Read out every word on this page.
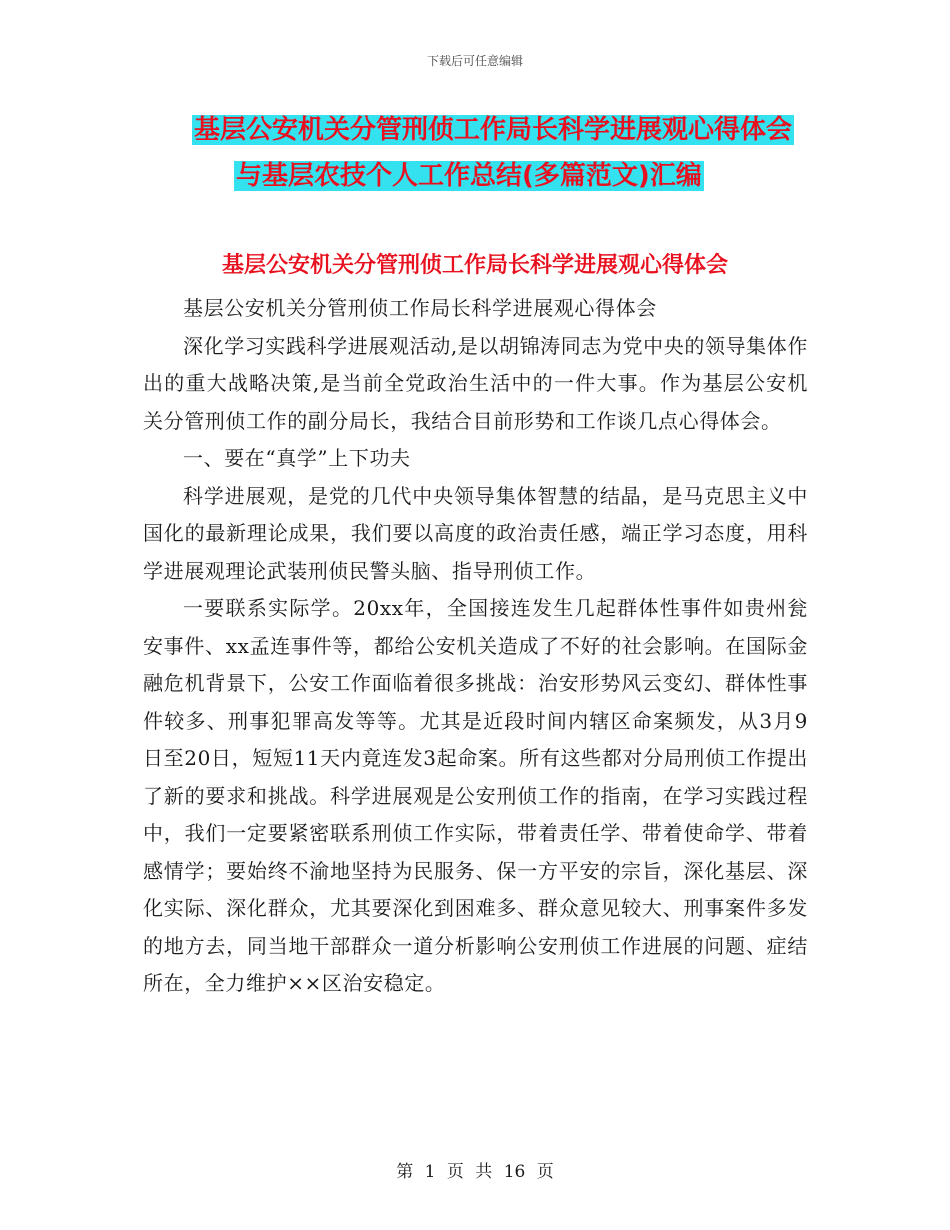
下载后可任意编辑
基层公安机关分管刑侦工作局长科学进展观心得体会
与基层农技个人工作总结(多篇范文)汇编
基层公安机关分管刑侦工作局长科学进展观心得体会

基层公安机关分管刑侦工作局长科学进展观心得体会

深化学习实践科学进展观活动,是以胡锦涛同志为党中央的领导集体作出的重大战略决策,是当前全党政治生活中的一件大事。作为基层公安机关分管刑侦工作的副分局长，我结合目前形势和工作谈几点心得体会。

一、要在“真学”上下功夫

科学进展观，是党的几代中央领导集体智慧的结晶，是马克思主义中国化的最新理论成果，我们要以高度的政治责任感，端正学习态度，用科学进展观理论武装刑侦民警头脑、指导刑侦工作。

一要联系实际学。20xx年，全国接连发生几起群体性事件如贵州瓮安事件、xx孟连事件等，都给公安机关造成了不好的社会影响。在国际金融危机背景下，公安工作面临着很多挑战：治安形势风云变幻、群体性事件较多、刑事犯罪高发等等。尤其是近段时间内辖区命案频发，从3月9日至20日，短短11天内竟连发3起命案。所有这些都对分局刑侦工作提出了新的要求和挑战。科学进展观是公安刑侦工作的指南，在学习实践过程中，我们一定要紧密联系刑侦工作实际，带着责任学、带着使命学、带着感情学；要始终不渝地坚持为民服务、保一方平安的宗旨，深化基层、深化实际、深化群众，尤其要深化到困难多、群众意见较大、刑事案件多发的地方去，同当地干部群众一道分析影响公安刑侦工作进展的问题、症结所在，全力维护××区治安稳定。

第 1 页 共 16 页
